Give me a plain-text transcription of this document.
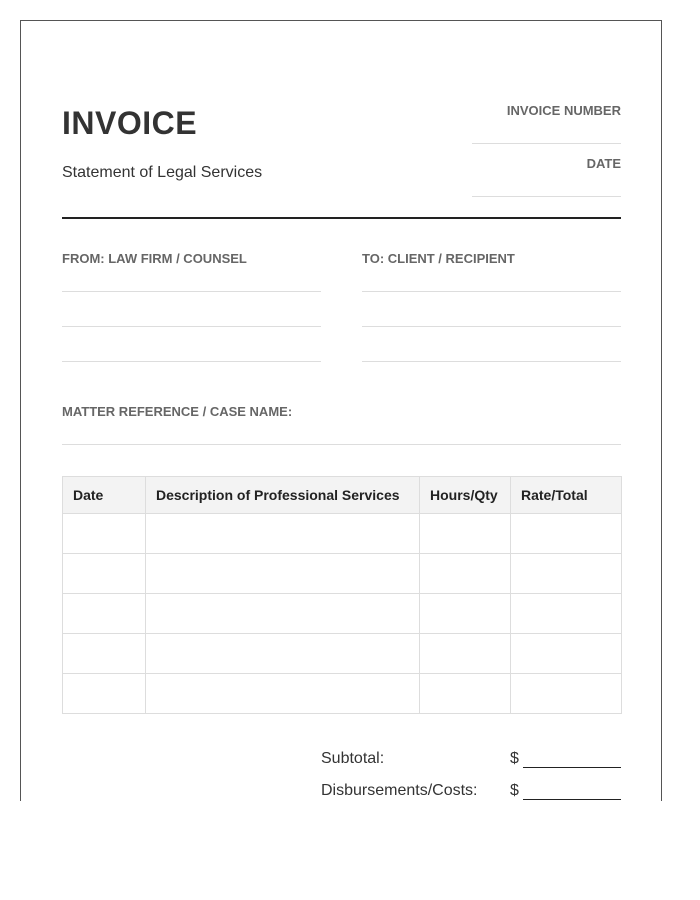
INVOICE
Statement of Legal Services
INVOICE NUMBER
DATE
FROM: LAW FIRM / COUNSEL	TO: CLIENT / RECIPIENT
MATTER REFERENCE / CASE NAME:
Date	Description of Professional Services	Hours/Qty	Rate/Total

Subtotal:	$
Disbursements/Costs: $
